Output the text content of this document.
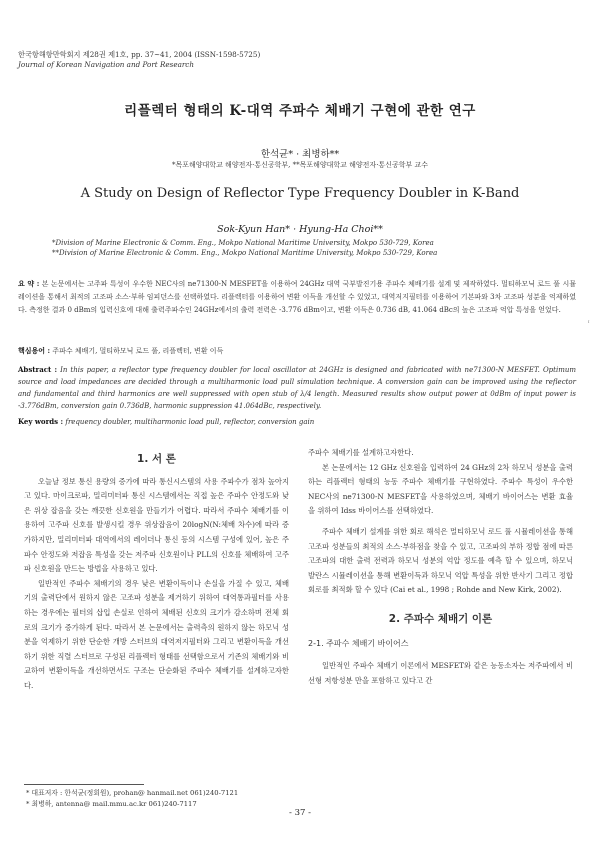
한국항해항만학회지 제28권 제1호, pp. 37~41, 2004 (ISSN-1598-5725)
Journal of Korean Navigation and Port Research
리플렉터 형태의 K-대역 주파수 체배기 구현에 관한 연구
한석균* · 최병하**
*목포해양대학교 해양전자·통신공학부, **목포해양대학교 해양전자·통신공학부 교수
A Study on Design of Reflector Type Frequency Doubler in K-Band
Sok-Kyun Han* · Hyung-Ha Choi**
*Division of Marine Electronic & Comm. Eng., Mokpo National Maritime University, Mokpo 530-729, Korea
**Division of Marine Electronic & Comm. Eng., Mokpo National Maritime University, Mokpo 530-729, Korea
요 약 : 본 논문에서는 고주파 특성이 우수한 NEC사의 ne71300-N MESFET을 이용하여 24GHz 대역 국부발진기용 주파수 체배기를 설계 및 제작하였다. 멀티하모닉 로드 풀 시뮬레이션을 통해서 최적의 고조파 소스·부하 임피던스를 선택하였다. 리플렉터를 이용하여 변환 이득을 개선할 수 있었고, 대역저지필터를 이용하여 기본파와 3차 고조파 성분을 억제하였다. 측정한 결과 0 dBm의 입력신호에 대해 출력주파수인 24GHz에서의 출력 전력은 -3.776 dBm이고, 변환 이득은 0.736 dB, 41.064 dBc의 높은 고조파 억압 특성을 얻었다.
ᴵ
핵심용어 : 주파수 체배기, 멀티하모닉 로드 풀, 리플렉터, 변환 이득
Abstract : In this paper, a reflector type frequency doubler for local oscillator at 24GHz is designed and fabricated with ne71300-N MESFET. Optimum source and load impedances are decided through a multiharmonic load pull simulation technique. A conversion gain can be improved using the reflector and fundamental and third harmonics are well suppressed with open stub of λ/4 length. Measured results show output power at 0dBm of input power is -3.776dBm, conversion gain 0.736dB, harmonic suppression 41.064dBc, respectively.
Key words : frequency doubler, multiharmonic load pull, reflector, conversion gain
1. 서 론

오늘날 정보 통신 용량의 증가에 따라 통신시스템의 사용 주파수가 점차 높아지고 있다. 마이크로파, 밀리미터파 통신 시스템에서는 직접 높은 주파수 안정도와 낮은 위상 잡음을 갖는 깨끗한 신호원을 만들기가 어렵다. 따라서 주파수 체배기를 이용하여 고주파 신호를 발생시킬 경우 위상잡음이 20logN(N:체배 차수)에 따라 증가하지만, 밀리미터파 대역에서의 레이더나 통신 등의 시스템 구성에 있어, 높은 주파수 안정도와 저잡음 특성을 갖는 저주파 신호원이나 PLL의 신호를 체배하여 고주파 신호원을 만드는 방법을 사용하고 있다.

일반적인 주파수 체배기의 경우 낮은 변환이득이나 손실을 가질 수 있고, 체배기의 출력단에서 원하지 않은 고조파 성분을 제거하기 위하여 대역통과필터를 사용하는 경우에는 필터의 삽입 손실로 인하여 체배된 신호의 크기가 감소하며 전체 회로의 크기가 증가하게 된다. 따라서 본 논문에서는 출력측의 원하지 않는 하모닉 성분을 억제하기 위한 단순한 개방 스터브의 대역저지필터와 그리고 변환이득을 개선하기 위한 직렬 스터브로 구성된 리플렉터 형태를 선택함으로서 기존의 체배기와 비교하여 변환이득을 개선하면서도 구조는 단순화된 주파수 체배기를 설계하고자한다.

* 대표저자 : 한석균(정회원), prohan@ hanmail.net 061)240-7121
* 최병하, antenna@ mail.mmu.ac.kr 061)240-7117

주파수 체배기를 설계하고자한다.

본 논문에서는 12 GHz 신호원을 입력하여 24 GHz의 2차 하모닉 성분을 출력하는 리플렉터 형태의 능동 주파수 체배기를 구현하였다. 주파수 특성이 우수한 NEC사의 ne71300-N MESFET을 사용하였으며, 체배기 바이어스는 변환 효율을 위하여 Idss 바이어스를 선택하였다.

주파수 체배기 설계를 위한 회로 해석은 멀티하모닉 로드 풀 시뮬레이션을 통해 고조파 성분들의 최적의 소스·부하점을 찾을 수 있고, 고조파의 부하 정합 점에 따른 고조파의 대한 출력 전력과 하모닉 성분의 억압 정도를 예측 할 수 있으며, 하모닉 발란스 시뮬레이션을 통해 변환이득과 하모닉 억압 특성을 위한 반사기 그리고 정합회로를 최적화 할 수 있다 (Cai et al., 1998 ; Rohde and New Kirk, 2002).

2. 주파수 체배기 이론
2-1. 주파수 체배기 바이어스

일반적인 주파수 체배기 이론에서 MESFET와 같은 능동소자는 저주파에서 비선형 저항성분 만을 포함하고 있다고 간

- 37 -
